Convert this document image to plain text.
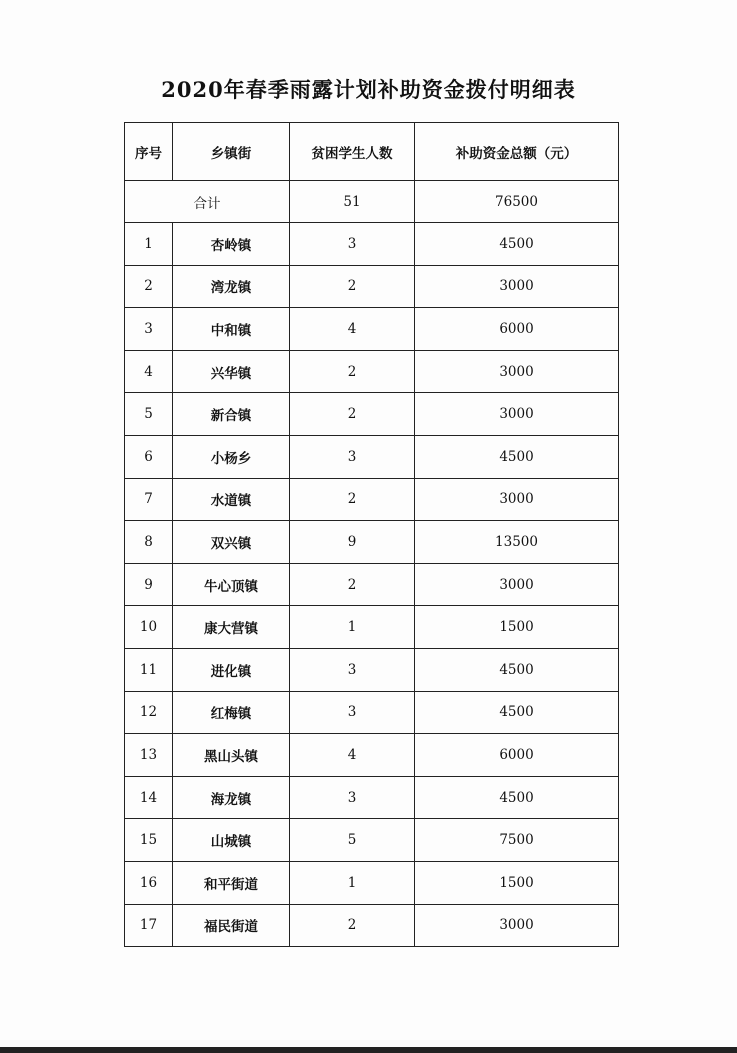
2020年春季雨露计划补助资金拨付明细表
序号	乡镇街	贫困学生人数	补助资金总额（元）
合计		51	76500
1	杏岭镇	3	4500
2	湾龙镇	2	3000
3	中和镇	4	6000
4	兴华镇	2	3000
5	新合镇	2	3000
6	小杨乡	3	4500
7	水道镇	2	3000
8	双兴镇	9	13500
9	牛心顶镇	2	3000
10	康大营镇	1	1500
11	进化镇	3	4500
12	红梅镇	3	4500
13	黑山头镇	4	6000
14	海龙镇	3	4500
15	山城镇	5	7500
16	和平街道	1	1500
17	福民街道	2	3000
